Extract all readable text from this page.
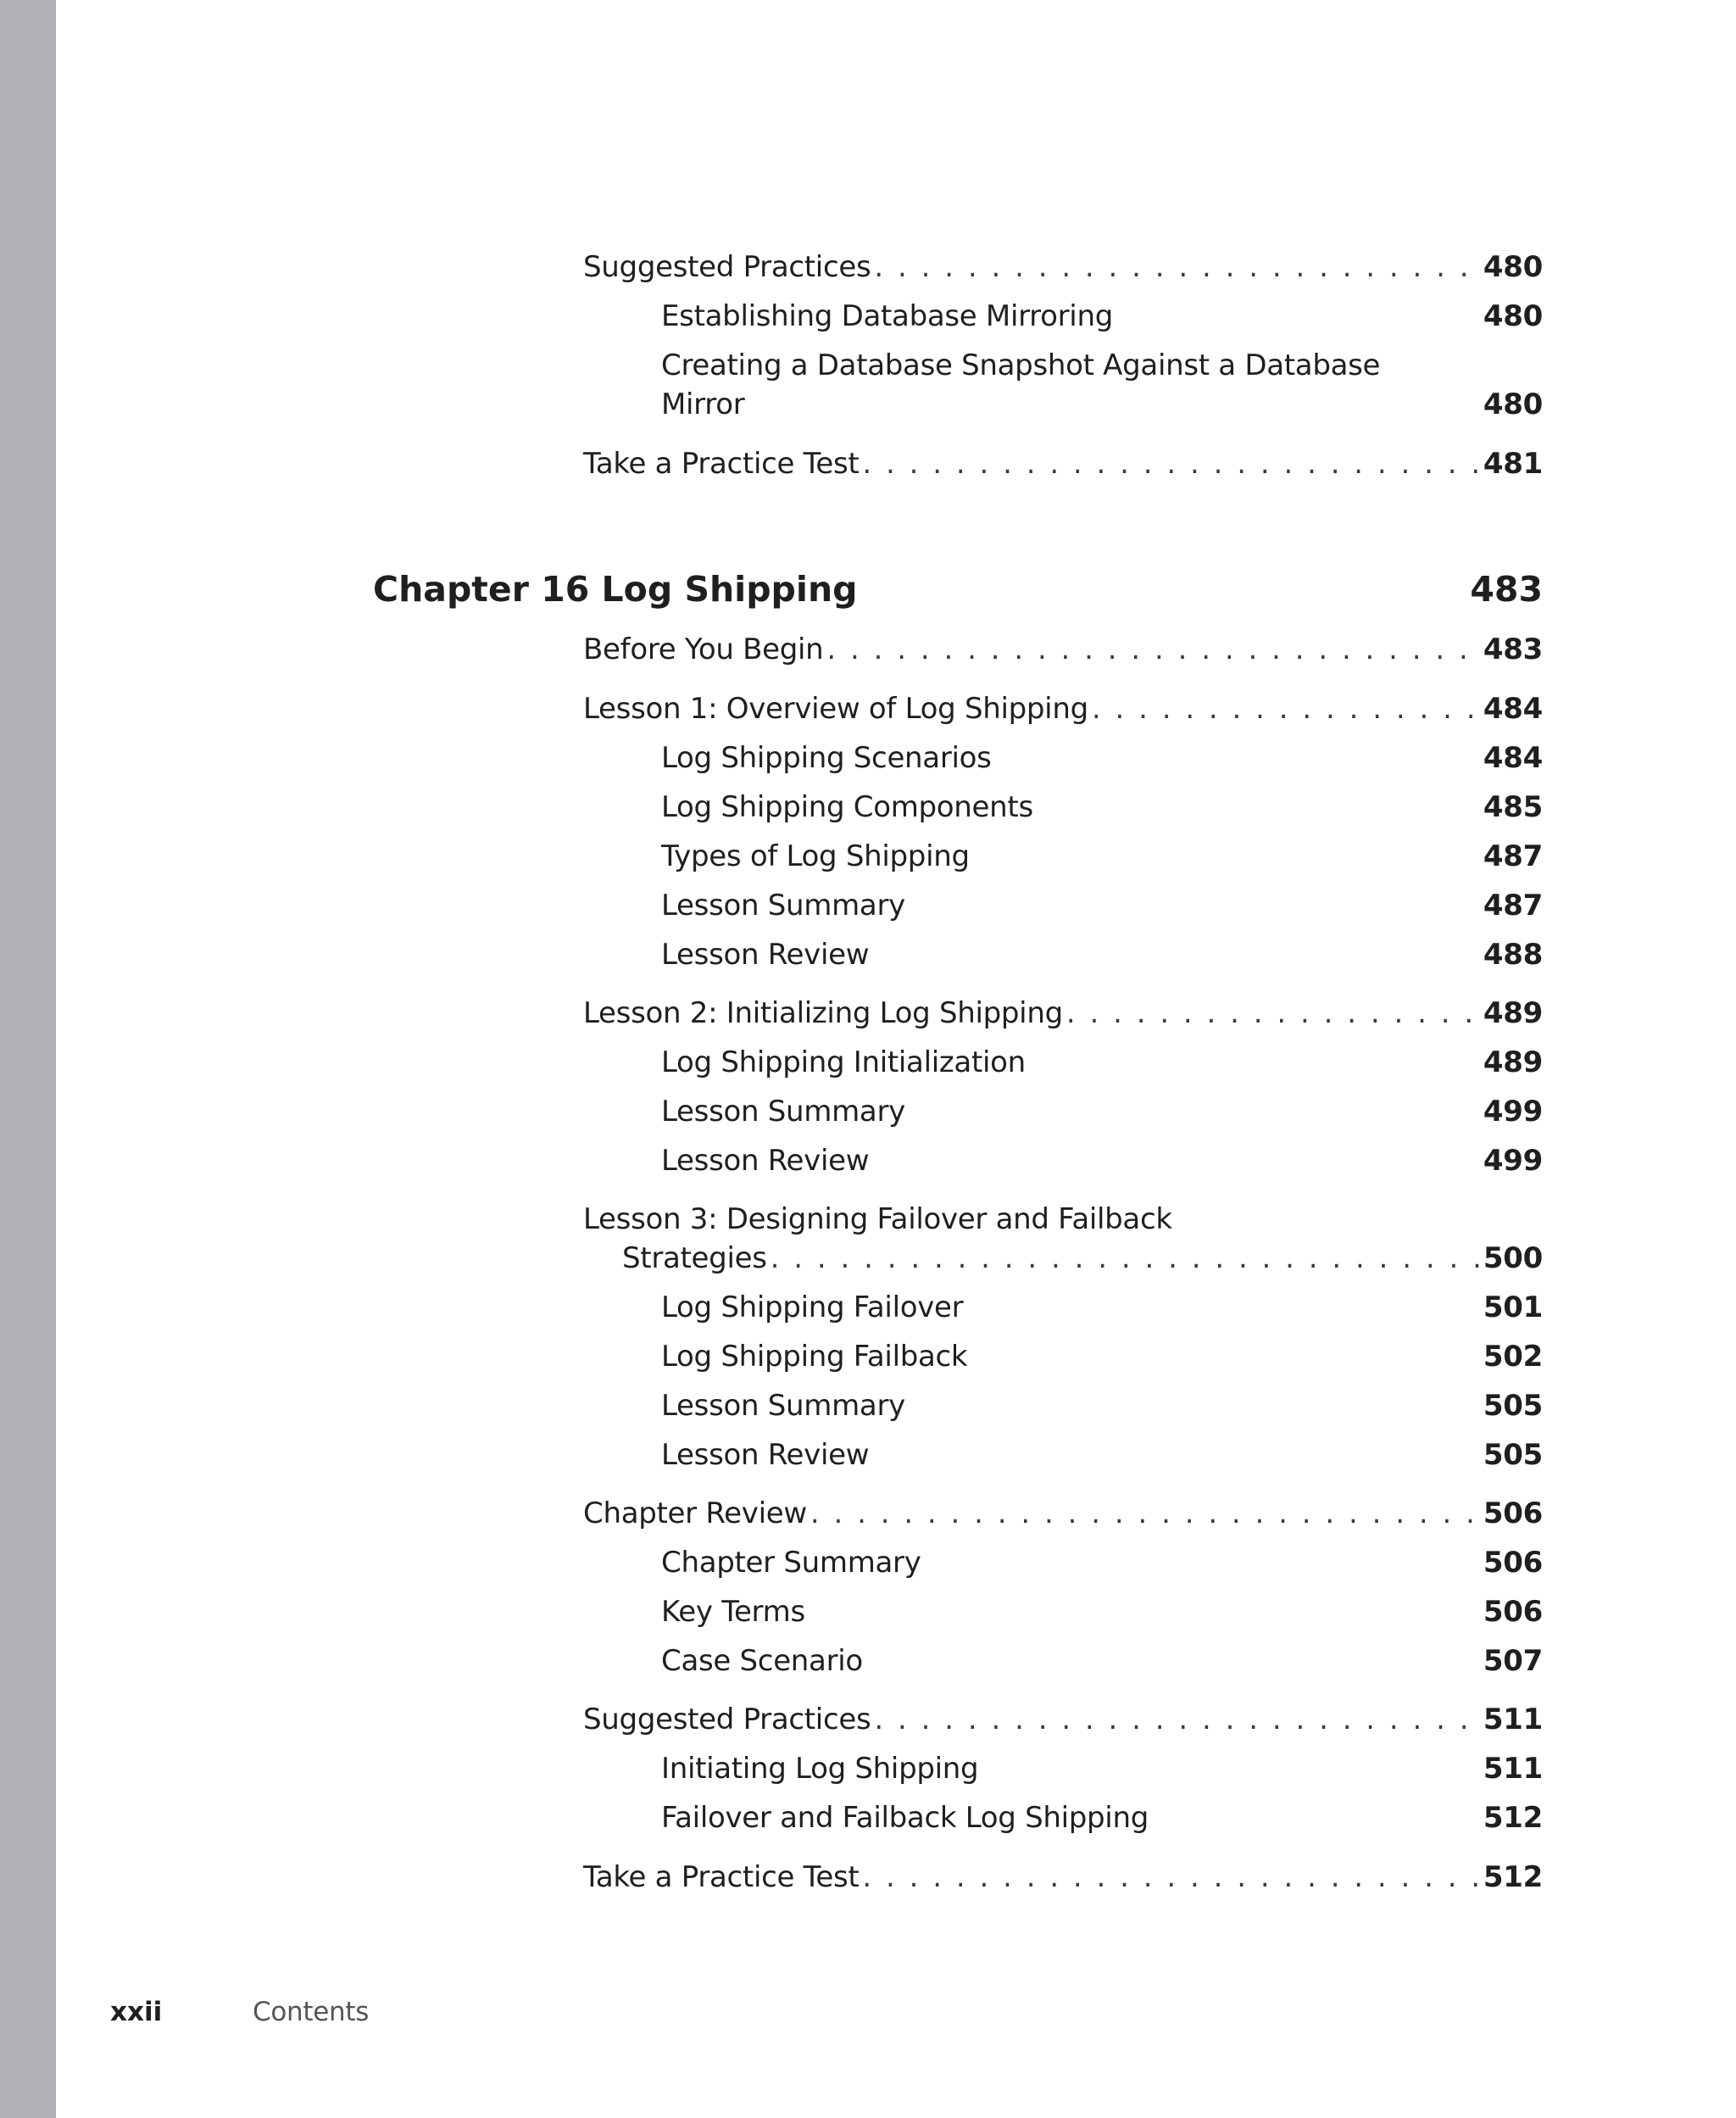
Suggested Practices . . .	480
Establishing Database Mirroring	480
Creating a Database Snapshot Against a Database
Mirror	480
Take a Practice Test . . .	481
Chapter 16 Log Shipping	483
Before You Begin . . .	483
Lesson 1: Overview of Log Shipping . . .	484
Log Shipping Scenarios	484
Log Shipping Components	485
Types of Log Shipping	487
Lesson Summary	487
Lesson Review	488
Lesson 2: Initializing Log Shipping . . .	489
Log Shipping Initialization	489
Lesson Summary	499
Lesson Review	499
Lesson 3: Designing Failover and Failback
Strategies . . .	500
Log Shipping Failover	501
Log Shipping Failback	502
Lesson Summary	505
Lesson Review	505
Chapter Review . . .	506
Chapter Summary	506
Key Terms	506
Case Scenario	507
Suggested Practices . . .	511
Initiating Log Shipping	511
Failover and Failback Log Shipping	512
Take a Practice Test . . .	512
xxii	Contents
